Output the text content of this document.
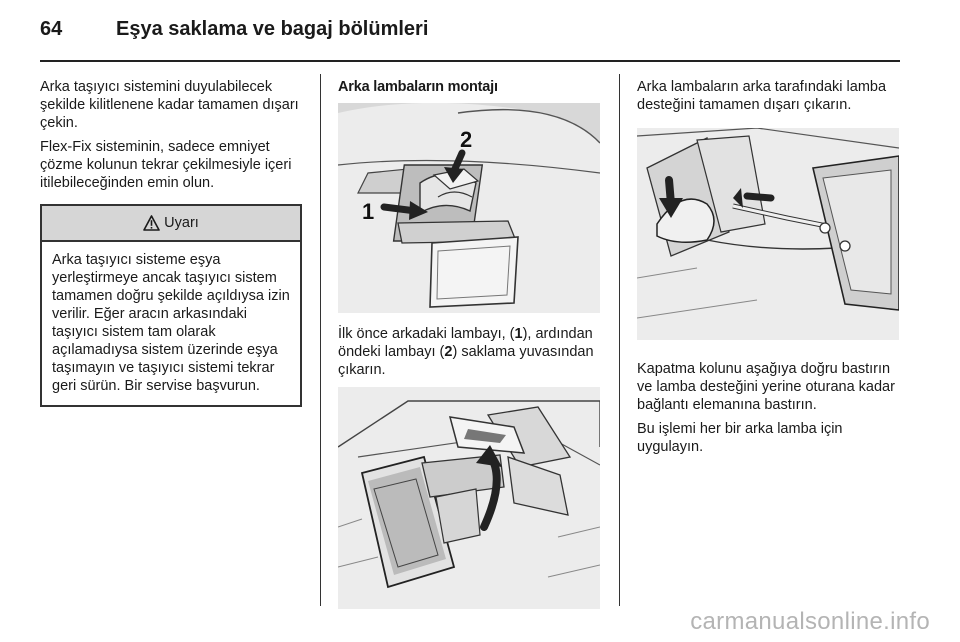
64	Eşya saklama ve bagaj bölümleri

Arka taşıyıcı sistemini duyulabilecek şekilde kilitlenene kadar tamamen dışarı çekin.

Flex-Fix sisteminin, sadece emniyet çözme kolunun tekrar çekilmesiyle içeri itilebileceğinden emin olun.

Uyarı
Arka taşıyıcı sisteme eşya yerleştirmeye ancak taşıyıcı sistem tamamen doğru şekilde açıldıysa izin verilir. Eğer aracın arkasındaki taşıyıcı sistem tam olarak açılamadıysa sistem üzerinde eşya taşımayın ve taşıyıcı sistemi tekrar geri sürün. Bir servise başvurun.
Arka lambaların montajı
1
2

İlk önce arkadaki lambayı, (1), ardından öndeki lambayı (2) saklama yuvasından çıkarın.

Arka lambaların arka tarafındaki lamba desteğini tamamen dışarı çıkarın.

Kapatma kolunu aşağıya doğru bastırın ve lamba desteğini yerine oturana kadar bağlantı elemanına bastırın.

Bu işlemi her bir arka lamba için uygulayın.

carmanualsonline.info
